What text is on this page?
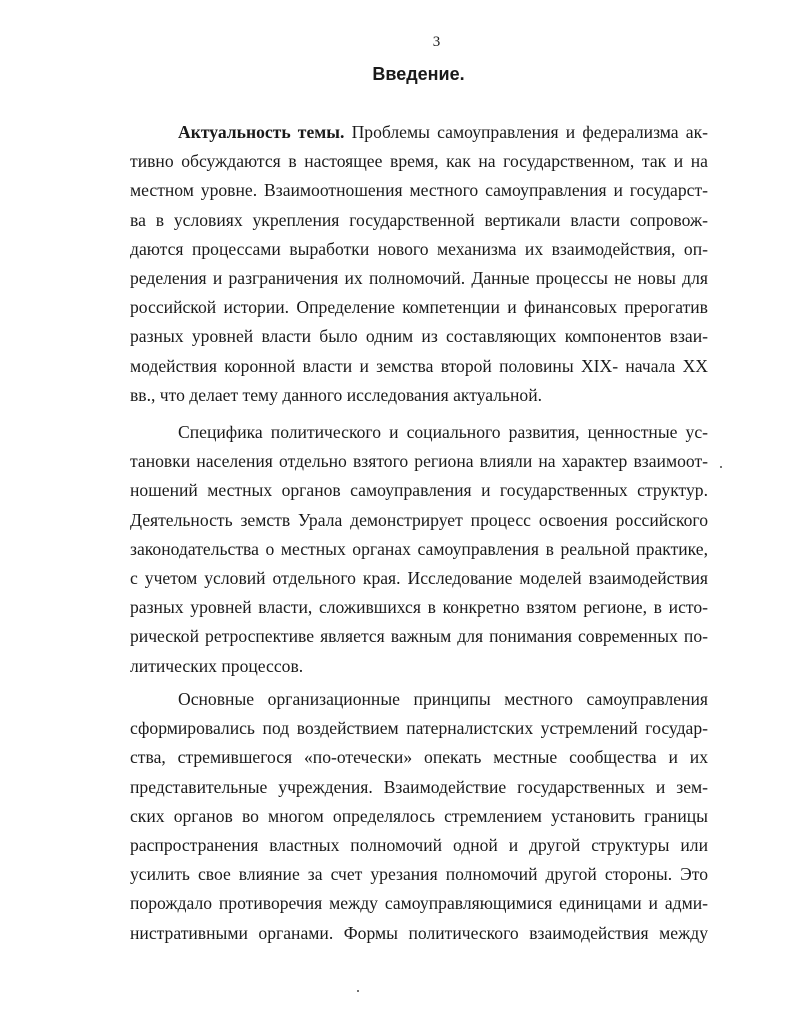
3
Введение.
Актуальность темы. Проблемы самоуправления и федерализма ак-
тивно обсуждаются в настоящее время, как на государственном, так и на
местном уровне. Взаимоотношения местного самоуправления и государст-
ва в условиях укрепления государственной вертикали власти сопровож-
даются процессами выработки нового механизма их взаимодействия, оп-
ределения и разграничения их полномочий. Данные процессы не новы для
российской истории. Определение компетенции и финансовых прерогатив
разных уровней власти было одним из составляющих компонентов взаи-
модействия коронной власти и земства второй половины XIX- начала XX
вв., что делает тему данного исследования актуальной.
Специфика политического и социального развития, ценностные ус-
тановки населения отдельно взятого региона влияли на характер взаимоот-
ношений местных органов самоуправления и государственных структур.
Деятельность земств Урала демонстрирует процесс освоения российского
законодательства о местных органах самоуправления в реальной практике,
с учетом условий отдельного края. Исследование моделей взаимодействия
разных уровней власти, сложившихся в конкретно взятом регионе, в исто-
рической ретроспективе является важным для понимания современных по-
литических процессов.
Основные организационные принципы местного самоуправления
сформировались под воздействием патерналистских устремлений государ-
ства, стремившегося «по-отечески» опекать местные сообщества и их
представительные учреждения. Взаимодействие государственных и зем-
ских органов во многом определялось стремлением установить границы
распространения властных полномочий одной и другой структуры или
усилить свое влияние за счет урезания полномочий другой стороны. Это
порождало противоречия между самоуправляющимися единицами и адми-
нистративными органами. Формы политического взаимодействия между
